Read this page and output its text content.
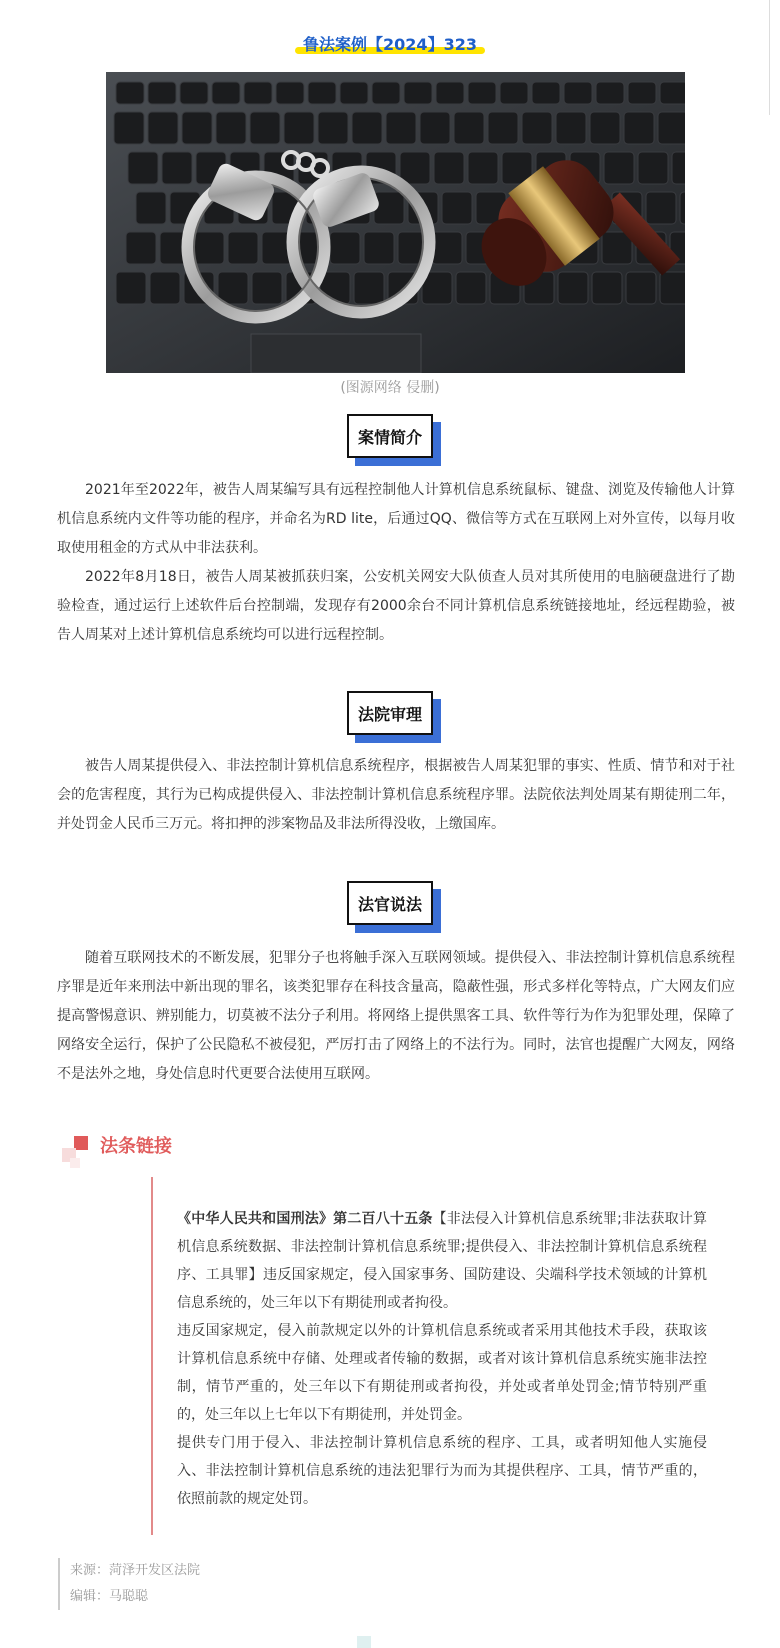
鲁法案例【2024】323
(图源网络 侵删)
案情简介

2021年至2022年，被告人周某编写具有远程控制他人计算机信息系统鼠标、键盘、浏览及传输他人计算机信息系统内文件等功能的程序，并命名为RD lite，后通过QQ、微信等方式在互联网上对外宣传，以每月收取使用租金的方式从中非法获利。

2022年8月18日，被告人周某被抓获归案，公安机关网安大队侦查人员对其所使用的电脑硬盘进行了勘验检查，通过运行上述软件后台控制端，发现存有2000余台不同计算机信息系统链接地址，经远程勘验，被告人周某对上述计算机信息系统均可以进行远程控制。

法院审理

被告人周某提供侵入、非法控制计算机信息系统程序，根据被告人周某犯罪的事实、性质、情节和对于社会的危害程度，其行为已构成提供侵入、非法控制计算机信息系统程序罪。法院依法判处周某有期徒刑二年，并处罚金人民币三万元。将扣押的涉案物品及非法所得没收，上缴国库。

法官说法

随着互联网技术的不断发展，犯罪分子也将触手深入互联网领域。提供侵入、非法控制计算机信息系统程序罪是近年来刑法中新出现的罪名，该类犯罪存在科技含量高，隐蔽性强，形式多样化等特点，广大网友们应提高警惕意识、辨别能力，切莫被不法分子利用。将网络上提供黑客工具、软件等行为作为犯罪处理，保障了网络安全运行，保护了公民隐私不被侵犯，严厉打击了网络上的不法行为。同时，法官也提醒广大网友，网络不是法外之地，身处信息时代更要合法使用互联网。

法条链接

《中华人民共和国刑法》第二百八十五条【非法侵入计算机信息系统罪;非法获取计算机信息系统数据、非法控制计算机信息系统罪;提供侵入、非法控制计算机信息系统程序、工具罪】违反国家规定，侵入国家事务、国防建设、尖端科学技术领域的计算机信息系统的，处三年以下有期徒刑或者拘役。

违反国家规定，侵入前款规定以外的计算机信息系统或者采用其他技术手段，获取该计算机信息系统中存储、处理或者传输的数据，或者对该计算机信息系统实施非法控制，情节严重的，处三年以下有期徒刑或者拘役，并处或者单处罚金;情节特别严重的，处三年以上七年以下有期徒刑，并处罚金。

提供专门用于侵入、非法控制计算机信息系统的程序、工具，或者明知他人实施侵入、非法控制计算机信息系统的违法犯罪行为而为其提供程序、工具，情节严重的，依照前款的规定处罚。

来源：菏泽开发区法院
编辑：马聪聪
